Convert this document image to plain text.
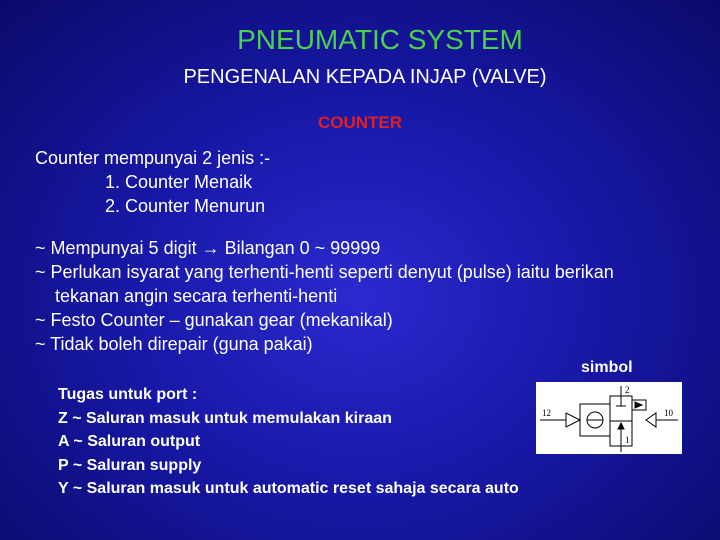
PNEUMATIC SYSTEM
PENGENALAN KEPADA INJAP (VALVE)
COUNTER
Counter mempunyai 2 jenis :-
1. Counter Menaik
2. Counter Menurun
~ Mempunyai 5 digit → Bilangan 0 ~ 99999
~ Perlukan isyarat yang terhenti-henti seperti denyut (pulse) iaitu berikan
tekanan angin secara terhenti-henti
~ Festo Counter – gunakan gear (mekanikal)
~ Tidak boleh direpair (guna pakai)
simbol
12	10
2
1
Tugas untuk port :
Z ~ Saluran masuk untuk memulakan kiraan
A ~ Saluran output
P ~ Saluran supply
Y ~ Saluran masuk untuk automatic reset sahaja secara auto
